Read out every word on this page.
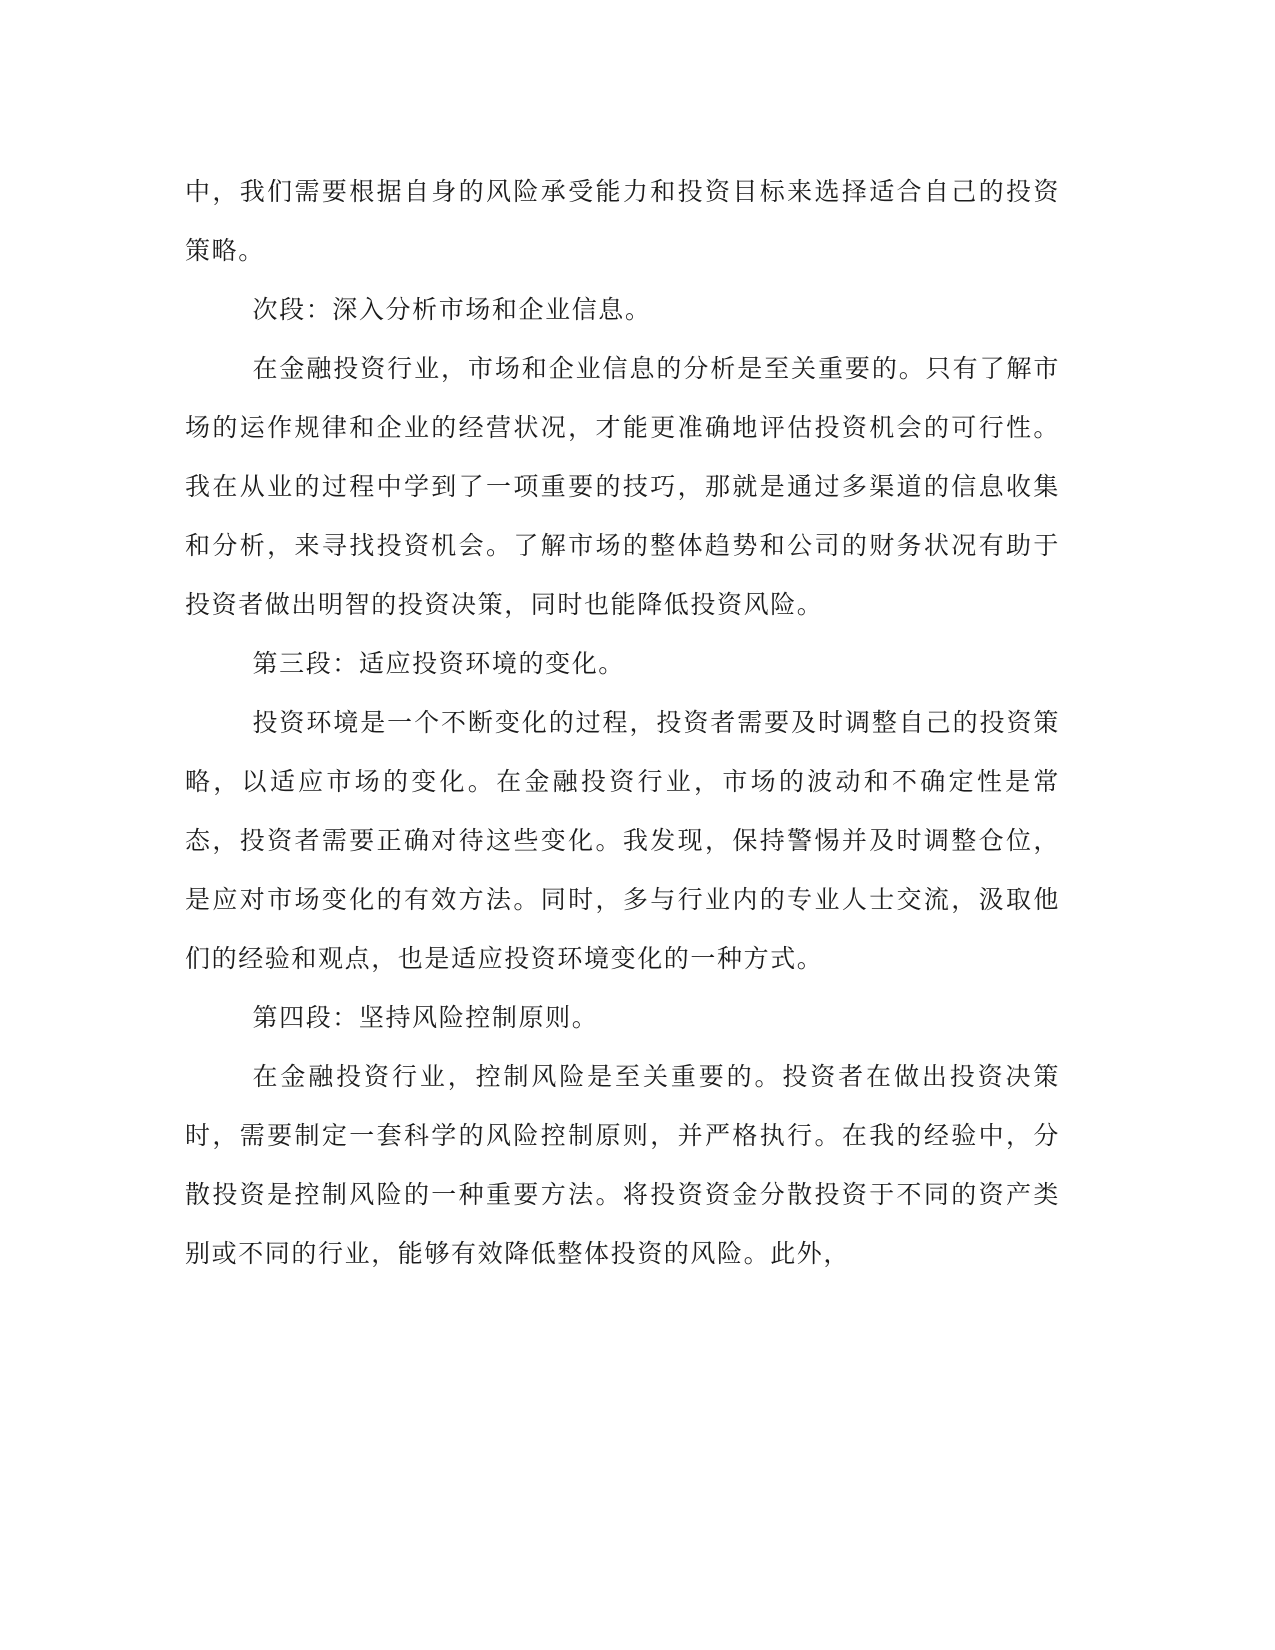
中，我们需要根据自身的风险承受能力和投资目标来选择适合自己的投资策略。

次段：深入分析市场和企业信息。

在金融投资行业，市场和企业信息的分析是至关重要的。只有了解市场的运作规律和企业的经营状况，才能更准确地评估投资机会的可行性。我在从业的过程中学到了一项重要的技巧，那就是通过多渠道的信息收集和分析，来寻找投资机会。了解市场的整体趋势和公司的财务状况有助于投资者做出明智的投资决策，同时也能降低投资风险。

第三段：适应投资环境的变化。

投资环境是一个不断变化的过程，投资者需要及时调整自己的投资策略，以适应市场的变化。在金融投资行业，市场的波动和不确定性是常态，投资者需要正确对待这些变化。我发现，保持警惕并及时调整仓位，是应对市场变化的有效方法。同时，多与行业内的专业人士交流，汲取他们的经验和观点，也是适应投资环境变化的一种方式。

第四段：坚持风险控制原则。

在金融投资行业，控制风险是至关重要的。投资者在做出投资决策时，需要制定一套科学的风险控制原则，并严格执行。在我的经验中，分散投资是控制风险的一种重要方法。将投资资金分散投资于不同的资产类别或不同的行业，能够有效降低整体投资的风险。此外，
